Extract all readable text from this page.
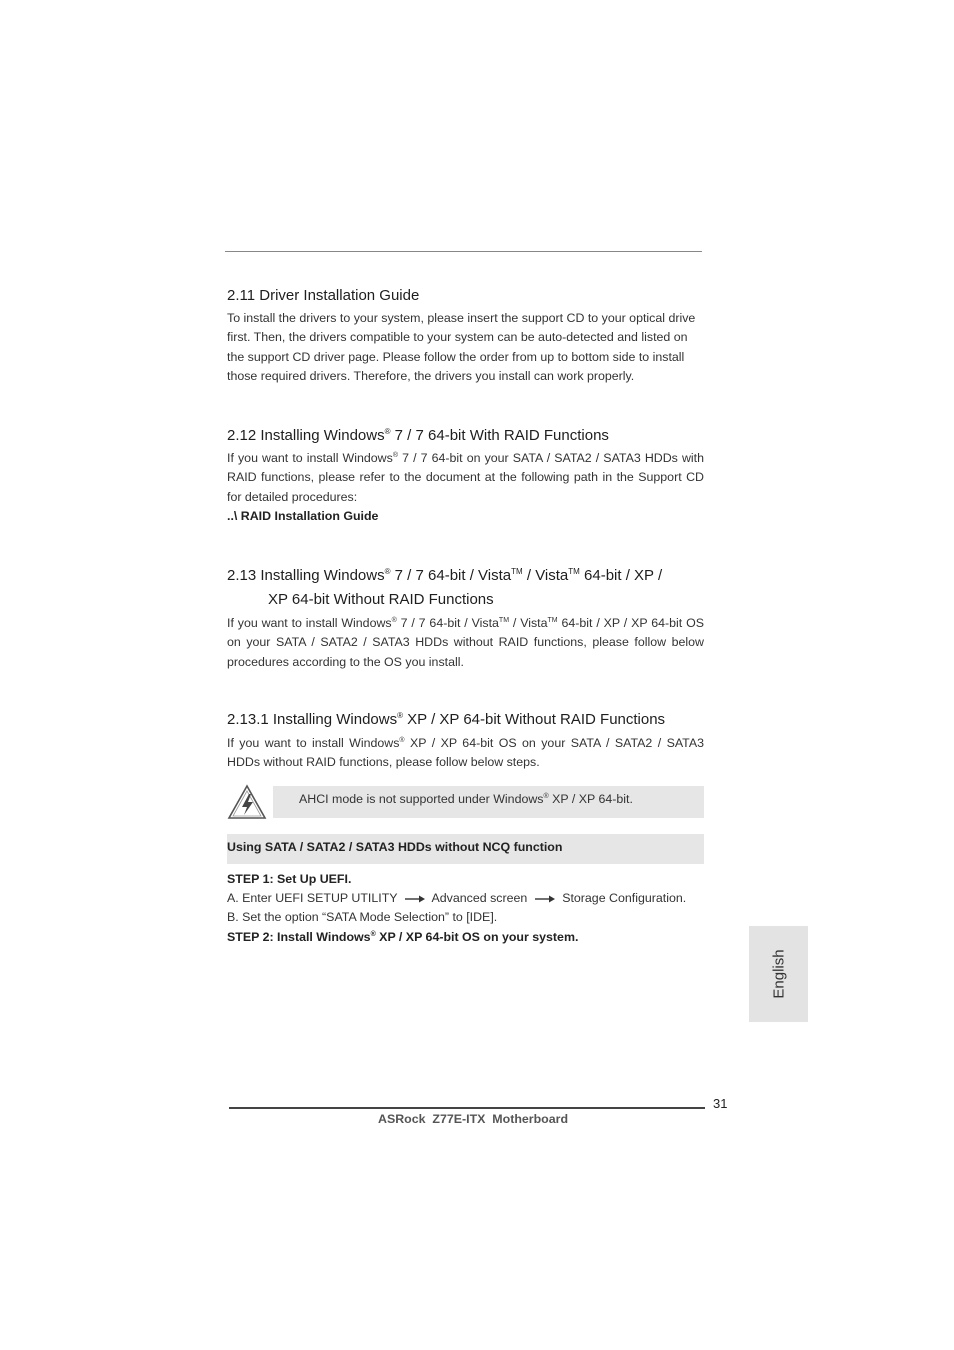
2.11 Driver Installation Guide
To install the drivers to your system, please insert the support CD to your optical drive first. Then, the drivers compatible to your system can be auto-detected and listed on the support CD driver page. Please follow the order from up to bottom side to install those required drivers. Therefore, the drivers you install can work properly.
2.12 Installing Windows® 7 / 7 64-bit With RAID Functions
If you want to install Windows® 7 / 7 64-bit on your SATA / SATA2 / SATA3 HDDs with RAID functions, please refer to the document at the following path in the Support CD for detailed procedures:
..\ RAID Installation Guide
2.13 Installing Windows® 7 / 7 64-bit / Vista™ / Vista™ 64-bit / XP /
XP 64-bit Without RAID Functions
If you want to install Windows® 7 / 7 64-bit / Vista™ / Vista™ 64-bit / XP / XP 64-bit OS on your SATA / SATA2 / SATA3 HDDs without RAID functions, please follow below procedures according to the OS you install.
2.13.1 Installing Windows® XP / XP 64-bit Without RAID Functions
If you want to install Windows® XP / XP 64-bit OS on your SATA / SATA2 / SATA3 HDDs without RAID functions, please follow below steps.
AHCI mode is not supported under Windows® XP / XP 64-bit.
Using SATA / SATA2 / SATA3 HDDs without NCQ function
STEP 1: Set Up UEFI.
A. Enter UEFI SETUP UTILITY	Advanced screen	Storage Configuration.
B. Set the option “SATA Mode Selection” to [IDE].
STEP 2: Install Windows® XP / XP 64-bit OS on your system.
English
31
ASRock  Z77E-ITX  Motherboard
